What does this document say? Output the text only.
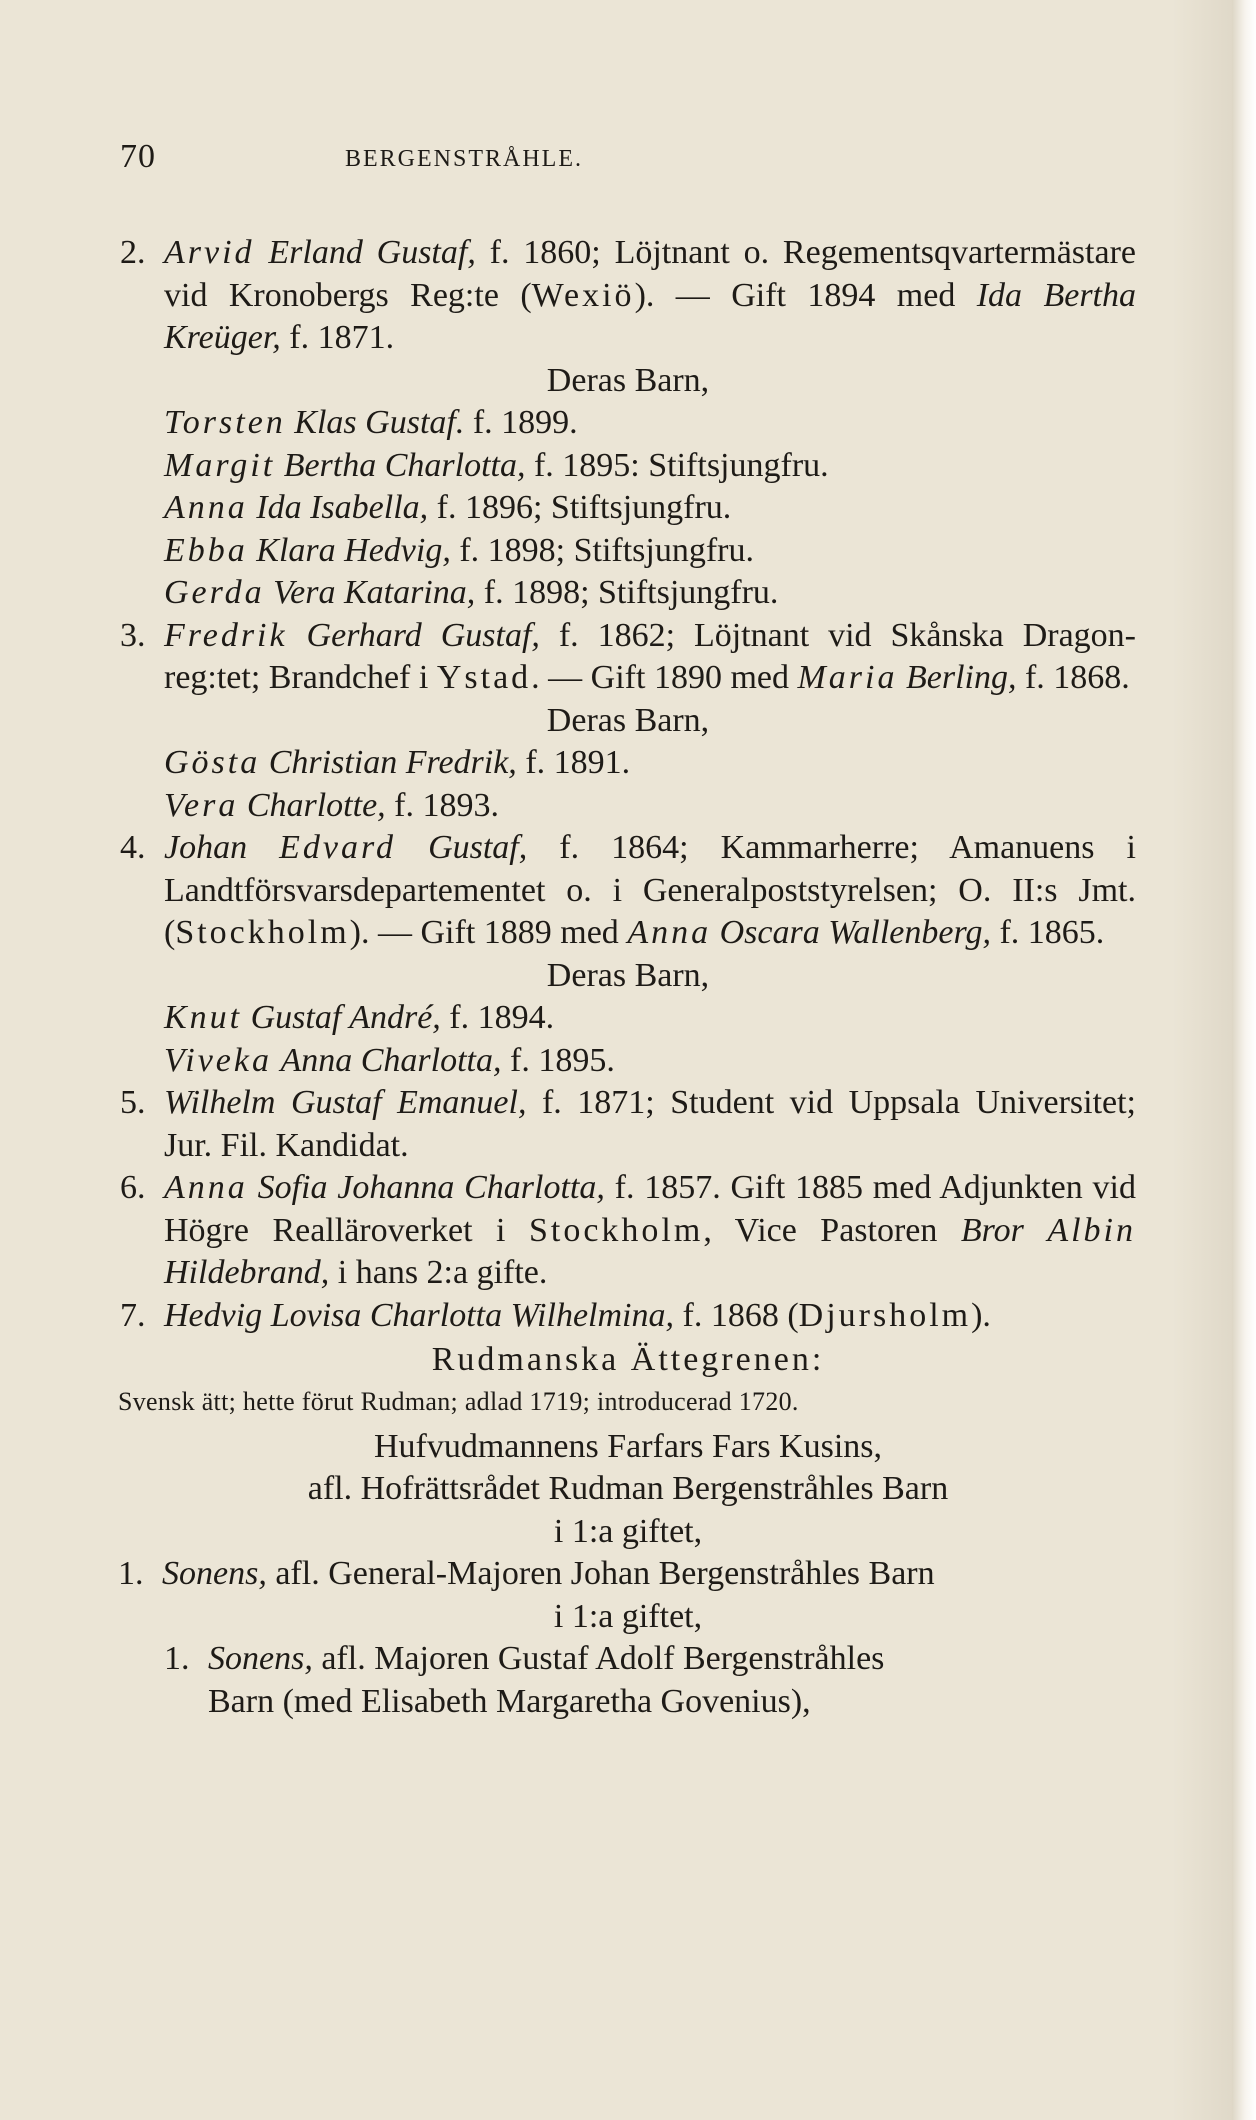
70	BERGENSTRÅHLE.
2. Arvid Erland Gustaf, f. 1860; Löjtnant o. Regementsqvartermästare vid Kronobergs Reg:te (Wexiö). — Gift 1894 med Ida Bertha Kreüger, f. 1871.
Deras Barn,
Torsten Klas Gustaf. f. 1899.
Margit Bertha Charlotta, f. 1895: Stiftsjungfru.
Anna Ida Isabella, f. 1896; Stiftsjungfru.
Ebba Klara Hedvig, f. 1898; Stiftsjungfru.
Gerda Vera Katarina, f. 1898; Stiftsjungfru.
3. Fredrik Gerhard Gustaf, f. 1862; Löjtnant vid Skånska Dragon-reg:tet; Brandchef i Ystad. — Gift 1890 med Maria Berling, f. 1868.
Deras Barn,
Gösta Christian Fredrik, f. 1891.
Vera Charlotte, f. 1893.
4. Johan Edvard Gustaf, f. 1864; Kammarherre; Amanuens i Landtförsvarsdepartementet o. i Generalpoststyrelsen; O. II:s Jmt. (Stockholm). — Gift 1889 med Anna Oscara Wallenberg, f. 1865.
Deras Barn,
Knut Gustaf André, f. 1894.
Viveka Anna Charlotta, f. 1895.
5. Wilhelm Gustaf Emanuel, f. 1871; Student vid Uppsala Universitet; Jur. Fil. Kandidat.
6. Anna Sofia Johanna Charlotta, f. 1857. Gift 1885 med Adjunkten vid Högre Realläroverket i Stockholm, Vice Pastoren Bror Albin Hildebrand, i hans 2:a gifte.
7. Hedvig Lovisa Charlotta Wilhelmina, f. 1868 (Djursholm).
Rudmanska Ättegrenen:
Svensk ätt; hette förut Rudman; adlad 1719; introducerad 1720.
Hufvudmannens Farfars Fars Kusins,
afl. Hofrättsrådet Rudman Bergenstråhles Barn
i 1:a giftet,
1. Sonens, afl. General-Majoren Johan Bergenstråhles Barn
i 1:a giftet,
1. Sonens, afl. Majoren Gustaf Adolf Bergenstråhles
Barn (med Elisabeth Margaretha Govenius),
